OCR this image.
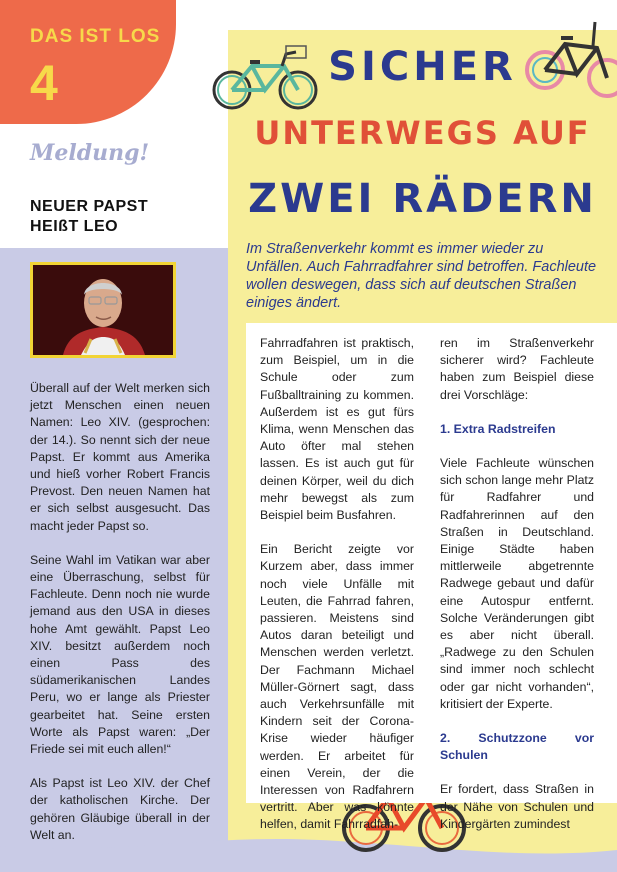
DAS IST LOS
4
Meldung!
NEUER PAPST
HEIßT LEO

Überall auf der Welt merken sich jetzt Menschen einen neuen Namen: Leo XIV. (gesprochen: der 14.). So nennt sich der neue Papst. Er kommt aus Amerika und hieß vorher Robert Francis Prevost. Den neuen Namen hat er sich selbst ausgesucht. Das macht jeder Papst so.

Seine Wahl im Vatikan war aber eine Überraschung, selbst für Fachleute. Denn noch nie wurde jemand aus den USA in dieses hohe Amt gewählt. Papst Leo XIV. besitzt außerdem noch einen Pass des südamerikanischen Landes Peru, wo er lange als Priester gearbeitet hat. Seine ersten Worte als Papst waren: „Der Friede sei mit euch allen!“

Als Papst ist Leo XIV. der Chef der katholischen Kirche. Der gehören Gläubige überall in der Welt an.

SICHER
UNTERWEGS AUF
ZWEI RÄDERN
Im Straßenverkehr kommt es immer wieder zu Unfällen. Auch Fahrradfahrer sind betroffen. Fachleute wollen deswegen, dass sich auf deutschen Straßen einiges ändert.

Fahrradfahren ist praktisch, zum Beispiel, um in die Schule oder zum Fußballtraining zu kommen. Außerdem ist es gut fürs Klima, wenn Menschen das Auto öfter mal stehen lassen. Es ist auch gut für deinen Körper, weil du dich mehr bewegst als zum Beispiel beim Busfahren.

Ein Bericht zeigte vor Kurzem aber, dass immer noch viele Unfälle mit Leuten, die Fahrrad fahren, passieren. Meistens sind Autos daran beteiligt und Menschen werden verletzt. Der Fachmann Michael Müller-Görnert sagt, dass auch Verkehrsunfälle mit Kindern seit der Corona-Krise wieder häufiger werden. Er arbeitet für einen Verein, der die Interessen von Radfahrern vertritt. Aber was könnte helfen, damit Fahrradfah-

ren im Straßenverkehr sicherer wird? Fachleute haben zum Beispiel diese drei Vorschläge:

1. Extra Radstreifen

Viele Fachleute wünschen sich schon lange mehr Platz für Radfahrer und Radfahrerinnen auf den Straßen in Deutschland. Einige Städte haben mittlerweile abgetrennte Radwege gebaut und dafür eine Autospur entfernt. Solche Veränderungen gibt es aber nicht überall. „Radwege zu den Schulen sind immer noch schlecht oder gar nicht vorhanden“, kritisiert der Experte.

2. Schutzzone vor Schulen

Er fordert, dass Straßen in der Nähe von Schulen und Kindergärten zumindest
